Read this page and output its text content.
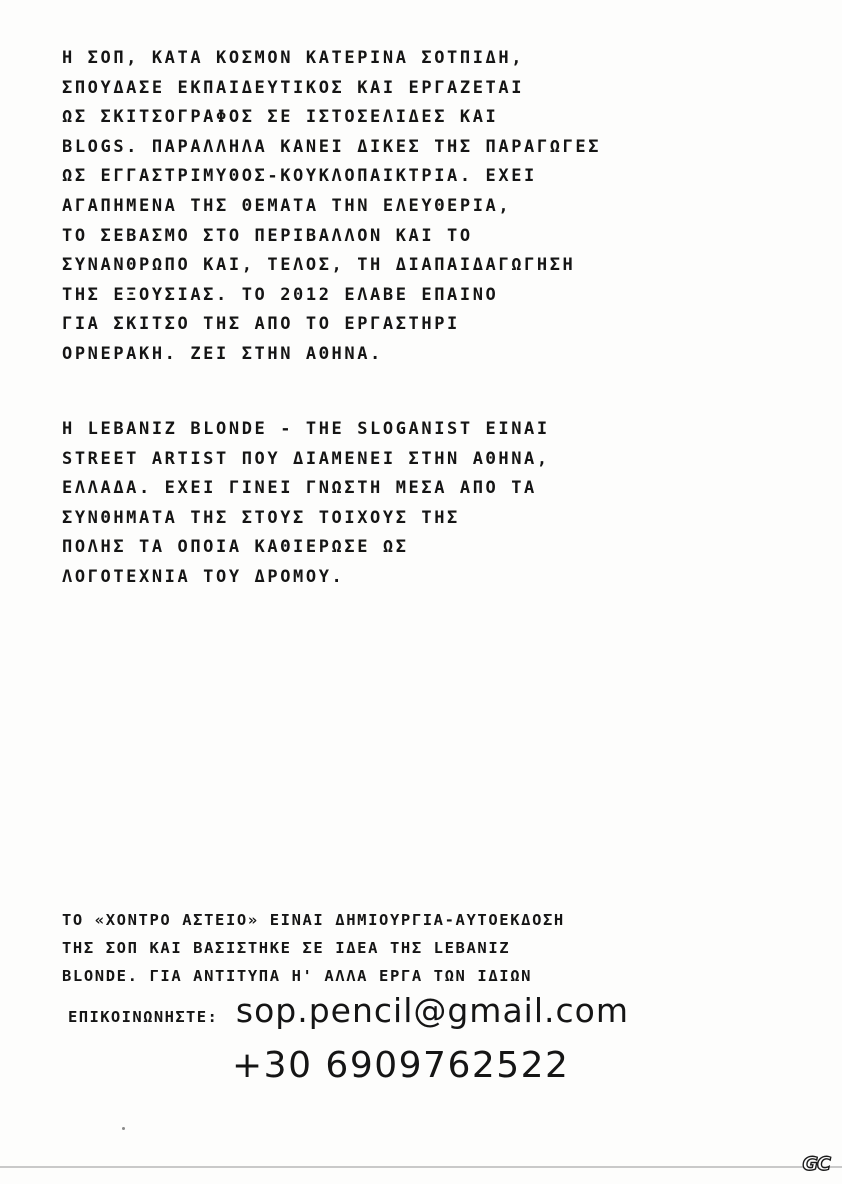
Η ΣΟΠ, ΚΑΤΑ ΚΟΣΜΟΝ ΚΑΤΕΡΙΝΑ ΣΟΤΠΙΔΗ,
ΣΠΟΥΔΑΣΕ ΕΚΠΑΙΔΕΥΤΙΚΟΣ ΚΑΙ ΕΡΓΑΖΕΤΑΙ
ΩΣ ΣΚΙΤΣΟΓΡΑΦΟΣ ΣΕ ΙΣΤΟΣΕΛΙΔΕΣ ΚΑΙ
BLOGS. ΠΑΡΑΛΛΗΛΑ ΚΑΝΕΙ ΔΙΚΕΣ ΤΗΣ ΠΑΡΑΓΩΓΕΣ
ΩΣ ΕΓΓΑΣΤΡΙΜΥΘΟΣ-ΚΟΥΚΛΟΠΑΙΚΤΡΙΑ. ΕΧΕΙ
ΑΓΑΠΗΜΕΝΑ ΤΗΣ ΘΕΜΑΤΑ ΤΗΝ ΕΛΕΥΘΕΡΙΑ,
ΤΟ ΣΕΒΑΣΜΟ ΣΤΟ ΠΕΡΙΒΑΛΛΟΝ ΚΑΙ ΤΟ
ΣΥΝΑΝΘΡΩΠΟ ΚΑΙ, ΤΕΛΟΣ, ΤΗ ΔΙΑΠΑΙΔΑΓΩΓΗΣΗ
ΤΗΣ ΕΞΟΥΣΙΑΣ. ΤΟ 2012 ΕΛΑΒΕ ΕΠΑΙΝΟ
ΓΙΑ ΣΚΙΤΣΟ ΤΗΣ ΑΠΟ ΤΟ ΕΡΓΑΣΤΗΡΙ
ΟΡΝΕΡΑΚΗ. ΖΕΙ ΣΤΗΝ ΑΘΗΝΑ.
Η LEBANIZ BLONDE - THE SLOGANIST ΕΙΝΑΙ
STREET ARTIST ΠΟΥ ΔΙΑΜΕΝΕΙ ΣΤΗΝ ΑΘΗΝΑ,
ΕΛΛΑΔΑ. ΕΧΕΙ ΓΙΝΕΙ ΓΝΩΣΤΗ ΜΕΣΑ ΑΠΟ ΤΑ
ΣΥΝΘΗΜΑΤΑ ΤΗΣ ΣΤΟΥΣ ΤΟΙΧΟΥΣ ΤΗΣ
ΠΟΛΗΣ ΤΑ ΟΠΟΙΑ ΚΑΘΙΕΡΩΣΕ ΩΣ
ΛΟΓΟΤΕΧΝΙΑ ΤΟΥ ΔΡΟΜΟΥ.
ΤΟ «ΧΟΝΤΡΟ ΑΣΤΕΙΟ» ΕΙΝΑΙ ΔΗΜΙΟΥΡΓΙΑ-ΑΥΤΟΕΚΔΟΣΗ
ΤΗΣ ΣΟΠ ΚΑΙ ΒΑΣΙΣΤΗΚΕ ΣΕ ΙΔΕΑ ΤΗΣ LEBANIZ
BLONDE. ΓΙΑ ΑΝΤΙΤΥΠΑ Η' ΑΛΛΑ ΕΡΓΑ ΤΩΝ ΙΔΙΩΝ
ΕΠΙΚΟΙΝΩΝΗΣΤΕ: sop.pencil@gmail.com
+30 6909762522
GC
